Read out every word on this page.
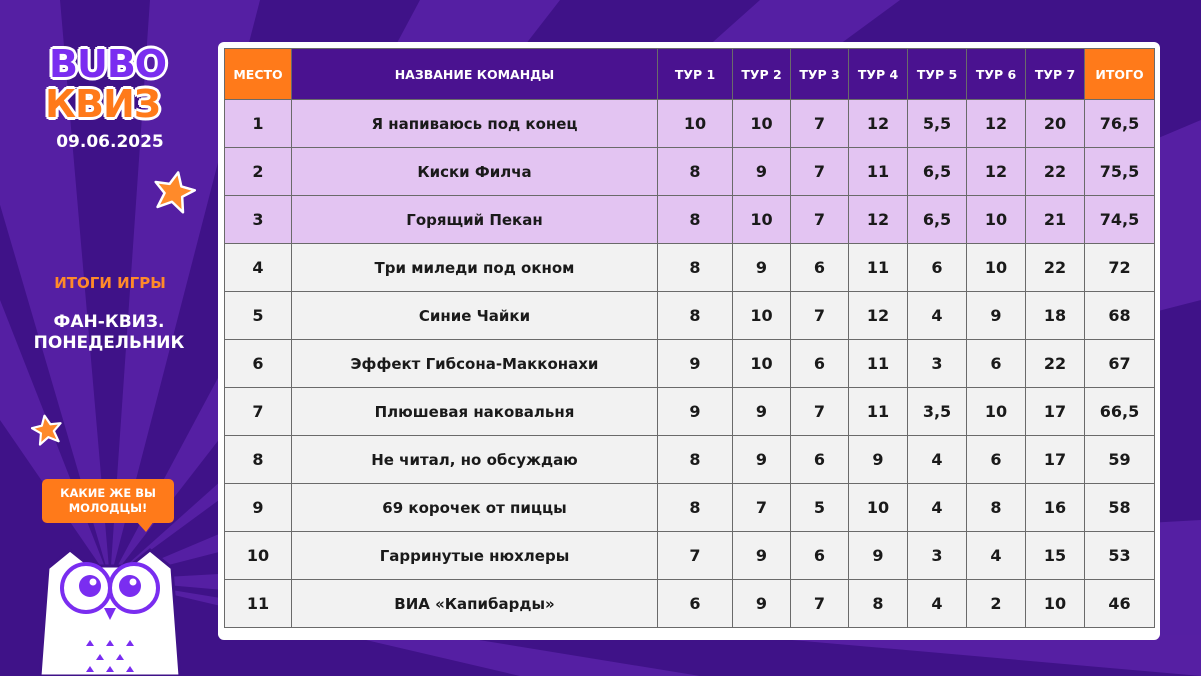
BUBO
КВИЗ
09.06.2025
ИТОГИ ИГРЫ
ФАН-КВИЗ.
ПОНЕДЕЛЬНИК
КАКИЕ ЖЕ ВЫ
МОЛОДЦЫ!
МЕСТО	НАЗВАНИЕ КОМАНДЫ	ТУР 1	ТУР 2	ТУР 3	ТУР 4	ТУР 5	ТУР 6	ТУР 7	ИТОГО
1	Я напиваюсь под конец	10	10	7	12	5,5	12	20	76,5
2	Киски Филча	8	9	7	11	6,5	12	22	75,5
3	Горящий Пекан	8	10	7	12	6,5	10	21	74,5
4	Три миледи под окном	8	9	6	11	6	10	22	72
5	Синие Чайки	8	10	7	12	4	9	18	68
6	Эффект Гибсона-Макконахи	9	10	6	11	3	6	22	67
7	Плюшевая наковальня	9	9	7	11	3,5	10	17	66,5
8	Не читал, но обсуждаю	8	9	6	9	4	6	17	59
9	69 корочек от пиццы	8	7	5	10	4	8	16	58
10	Гарринутые нюхлеры	7	9	6	9	3	4	15	53
11	ВИА «Капибарды»	6	9	7	8	4	2	10	46
